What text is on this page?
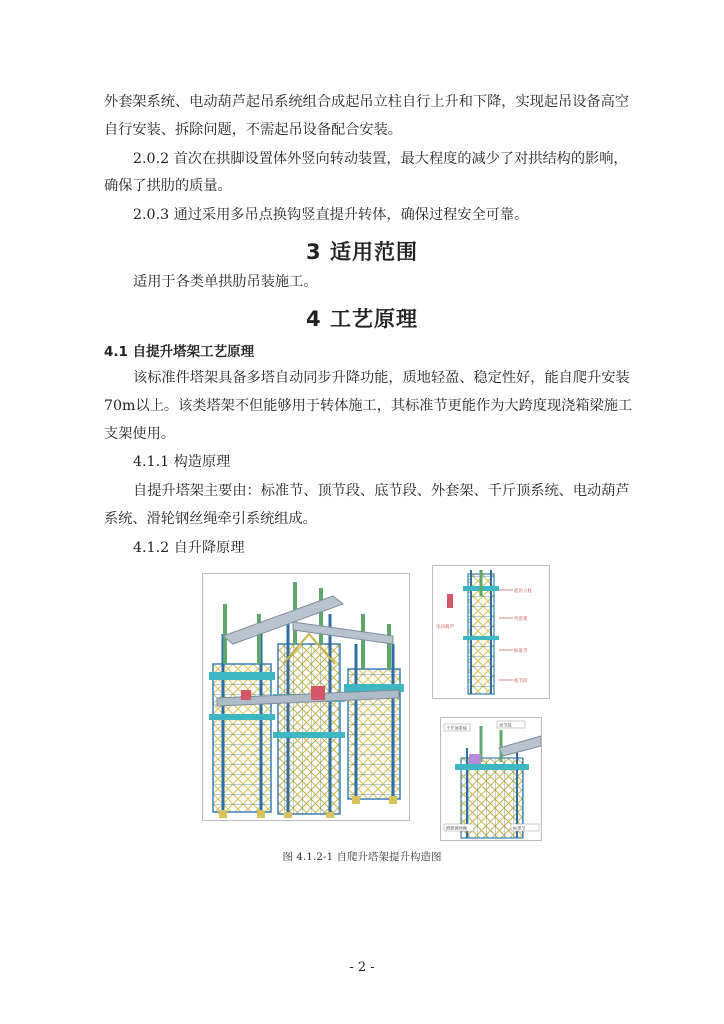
外套架系统、电动葫芦起吊系统组合成起吊立柱自行上升和下降，实现起吊设备高空
自行安装、拆除问题，不需起吊设备配合安装。
2.0.2 首次在拱脚设置体外竖向转动装置，最大程度的减少了对拱结构的影响，
确保了拱肋的质量。
2.0.3 通过采用多吊点换钩竖直提升转体，确保过程安全可靠。
3 适用范围
适用于各类单拱肋吊装施工。
4 工艺原理
4.1 自提升塔架工艺原理
该标准件塔架具备多塔自动同步升降功能，质地轻盈、稳定性好，能自爬升安装
70m以上。该类塔架不但能够用于转体施工，其标准节更能作为大跨度现浇箱梁施工
支架使用。
4.1.1 构造原理
自提升塔架主要由：标准节、顶节段、底节段、外套架、千斤顶系统、电动葫芦
系统、滑轮钢丝绳牵引系统组成。
4.1.2 自升降原理
起吊立柱
外套架
标准节
底节段
电动葫芦
千斤顶系统
顶节段
滑轮钢丝绳	标准节
图 4.1.2-1 自爬升塔架提升构造图
- 2 -
